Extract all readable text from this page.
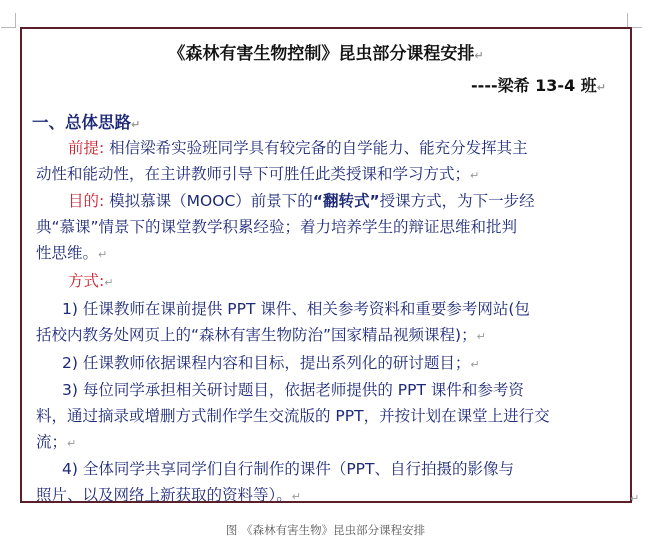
《森林有害生物控制》昆虫部分课程安排↵
----梁希 13-4 班↵
一、总体思路↵
前提: 相信梁希实验班同学具有较完备的自学能力、能充分发挥其主
动性和能动性，在主讲教师引导下可胜任此类授课和学习方式；↵
目的: 模拟慕课（MOOC）前景下的“翻转式”授课方式，为下一步经
典“慕课”情景下的课堂教学积累经验；着力培养学生的辩证思维和批判
性思维。↵
方式:↵
1) 任课教师在课前提供 PPT 课件、相关参考资料和重要参考网站(包
括校内教务处网页上的“森林有害生物防治”国家精品视频课程)；↵
2) 任课教师依据课程内容和目标，提出系列化的研讨题目；↵
3) 每位同学承担相关研讨题目，依据老师提供的 PPT 课件和参考资
料，通过摘录或增删方式制作学生交流版的 PPT，并按计划在课堂上进行交
流；↵
4) 全体同学共享同学们自行制作的课件（PPT、自行拍摄的影像与
照片、以及网络上新获取的资料等）。↵	↵
图 《森林有害生物》昆虫部分课程安排
